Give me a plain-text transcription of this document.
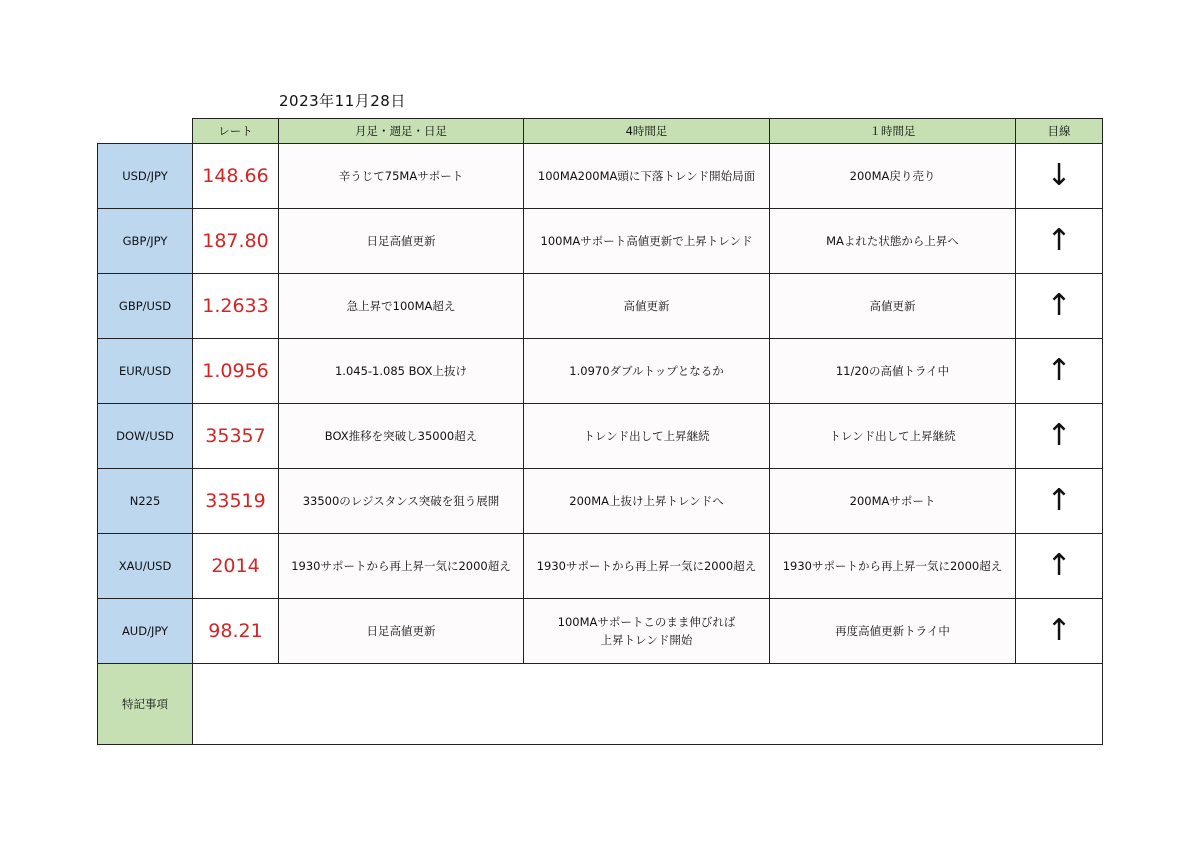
2023年11月28日
	レート	月足・週足・日足	4時間足	１時間足	目線
USD/JPY	148.66	辛うじて75MAサポート	100MA200MA頭に下落トレンド開始局面	200MA戻り売り	↓
GBP/JPY	187.80	日足高値更新	100MAサポート高値更新で上昇トレンド	MAよれた状態から上昇へ	↑
GBP/USD	1.2633	急上昇で100MA超え	高値更新	高値更新	↑
EUR/USD	1.0956	1.045-1.085 BOX上抜け	1.0970ダブルトップとなるか	11/20の高値トライ中	↑
DOW/USD	35357	BOX推移を突破し35000超え	トレンド出して上昇継続	トレンド出して上昇継続	↑
N225	33519	33500のレジスタンス突破を狙う展開	200MA上抜け上昇トレンドへ	200MAサポート	↑
XAU/USD	2014	1930サポートから再上昇一気に2000超え	1930サポートから再上昇一気に2000超え	1930サポートから再上昇一気に2000超え	↑
AUD/JPY	98.21	日足高値更新	100MAサポートこのまま伸びれば
上昇トレンド開始	再度高値更新トライ中	↑
特記事項					
